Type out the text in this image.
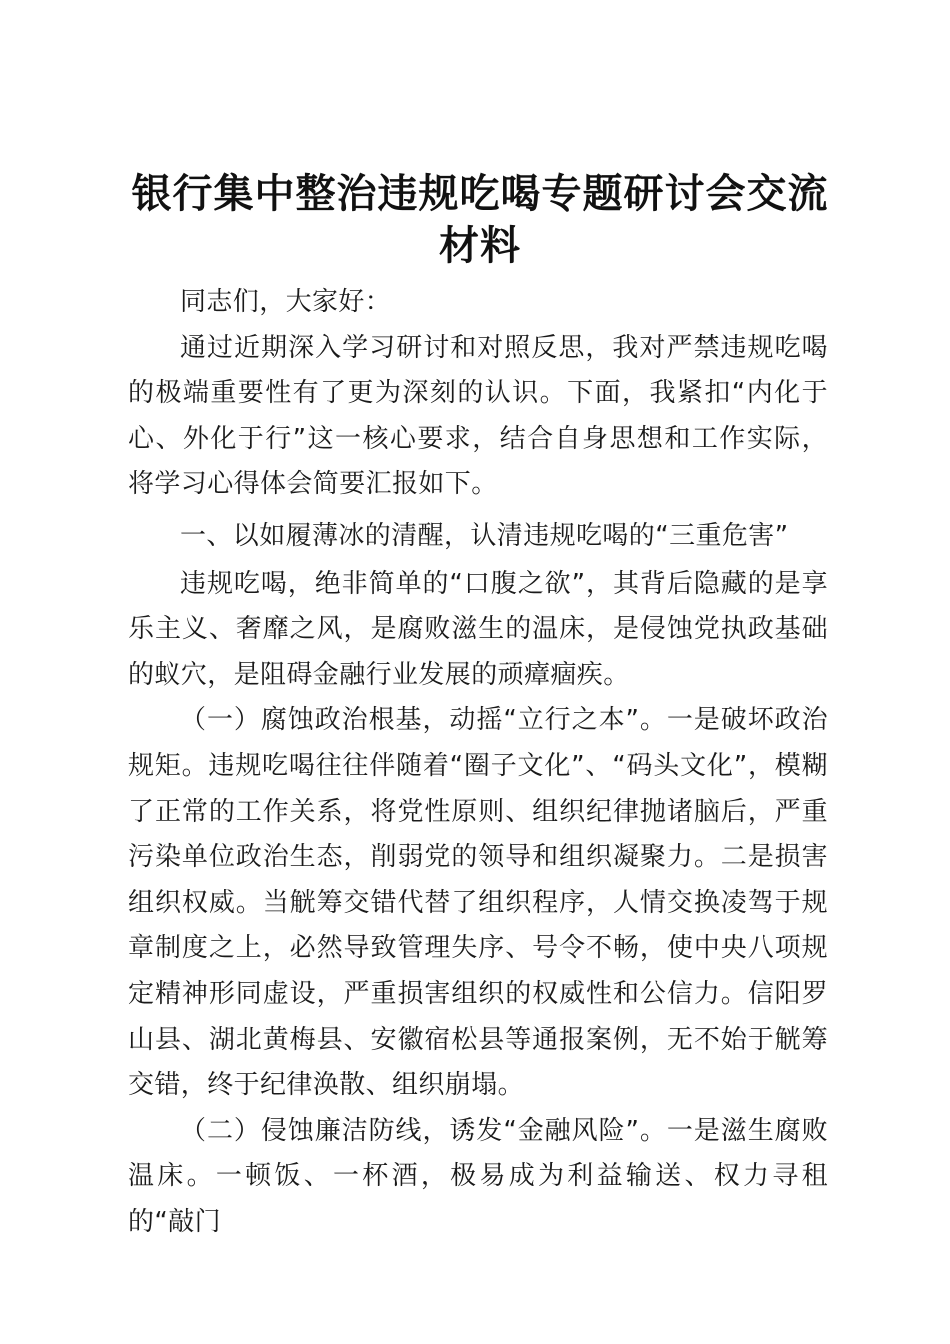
银行集中整治违规吃喝专题研讨会交流材料

同志们，大家好：

通过近期深入学习研讨和对照反思，我对严禁违规吃喝的极端重要性有了更为深刻的认识。下面，我紧扣“内化于心、外化于行”这一核心要求，结合自身思想和工作实际，将学习心得体会简要汇报如下。

一、以如履薄冰的清醒，认清违规吃喝的“三重危害”

违规吃喝，绝非简单的“口腹之欲”，其背后隐藏的是享乐主义、奢靡之风，是腐败滋生的温床，是侵蚀党执政基础的蚁穴，是阻碍金融行业发展的顽瘴痼疾。

（一）腐蚀政治根基，动摇“立行之本”。一是破坏政治规矩。违规吃喝往往伴随着“圈子文化”、“码头文化”，模糊了正常的工作关系，将党性原则、组织纪律抛诸脑后，严重污染单位政治生态，削弱党的领导和组织凝聚力。二是损害组织权威。当觥筹交错代替了组织程序，人情交换凌驾于规章制度之上，必然导致管理失序、号令不畅，使中央八项规定精神形同虚设，严重损害组织的权威性和公信力。信阳罗山县、湖北黄梅县、安徽宿松县等通报案例，无不始于觥筹交错，终于纪律涣散、组织崩塌。

（二）侵蚀廉洁防线，诱发“金融风险”。一是滋生腐败温床。一顿饭、一杯酒，极易成为利益输送、权力寻租的“敲门
